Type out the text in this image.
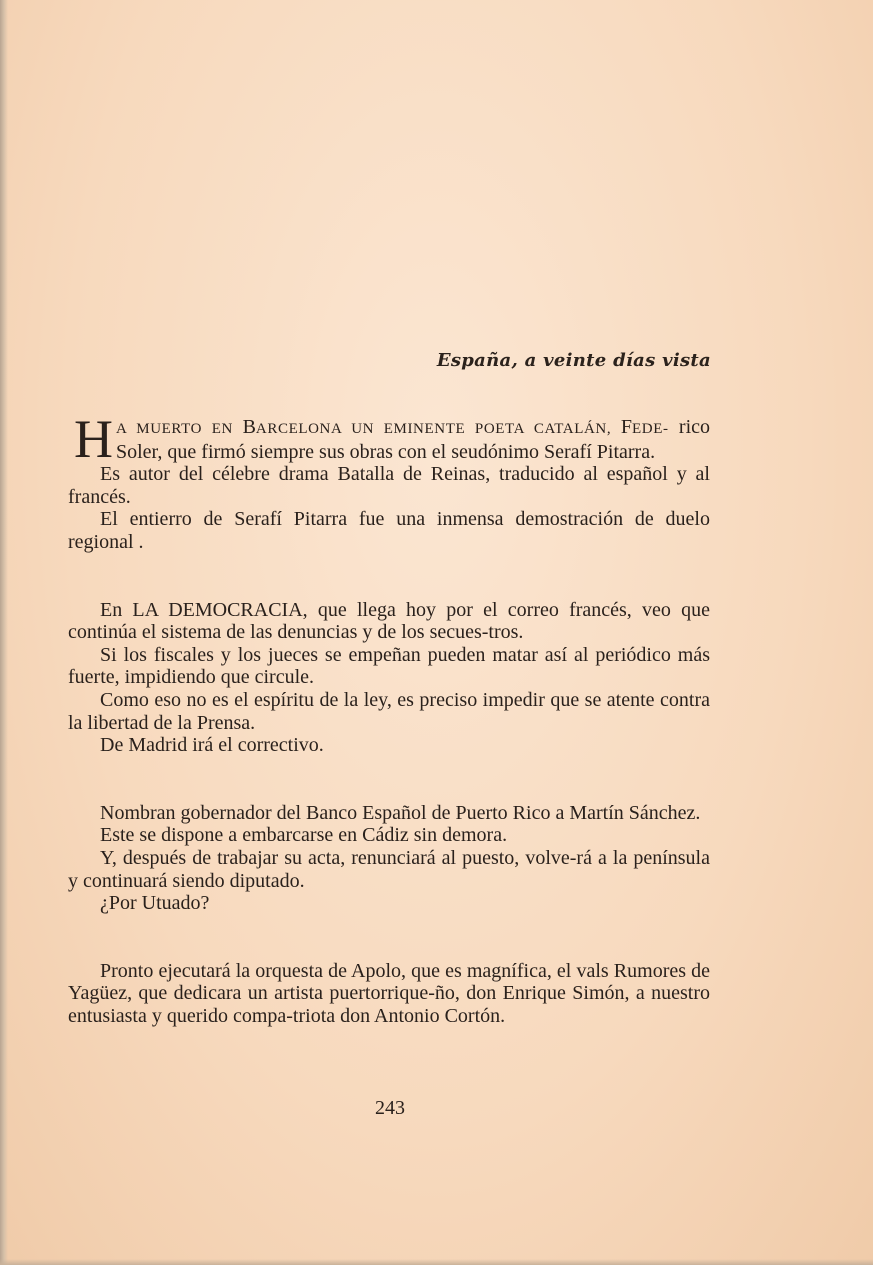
España, a veinte días vista

H A MUERTO EN BARCELONA UN EMINENTE POETA CATALÁN, FEDE- rico Soler, que firmó siempre sus obras con el seudónimo Serafí Pitarra.

Es autor del célebre drama Batalla de Reinas, traducido al español y al francés.

El entierro de Serafí Pitarra fue una inmensa demostración de duelo regional .

En LA DEMOCRACIA, que llega hoy por el correo francés, veo que continúa el sistema de las denuncias y de los secues-tros.

Si los fiscales y los jueces se empeñan pueden matar así al periódico más fuerte, impidiendo que circule.

Como eso no es el espíritu de la ley, es preciso impedir que se atente contra la libertad de la Prensa.

De Madrid irá el correctivo.

Nombran gobernador del Banco Español de Puerto Rico a Martín Sánchez.

Este se dispone a embarcarse en Cádiz sin demora.

Y, después de trabajar su acta, renunciará al puesto, volve-rá a la península y continuará siendo diputado.

¿Por Utuado?

Pronto ejecutará la orquesta de Apolo, que es magnífica, el vals Rumores de Yagüez, que dedicara un artista puertorrique-ño, don Enrique Simón, a nuestro entusiasta y querido compa-triota don Antonio Cortón.

243
